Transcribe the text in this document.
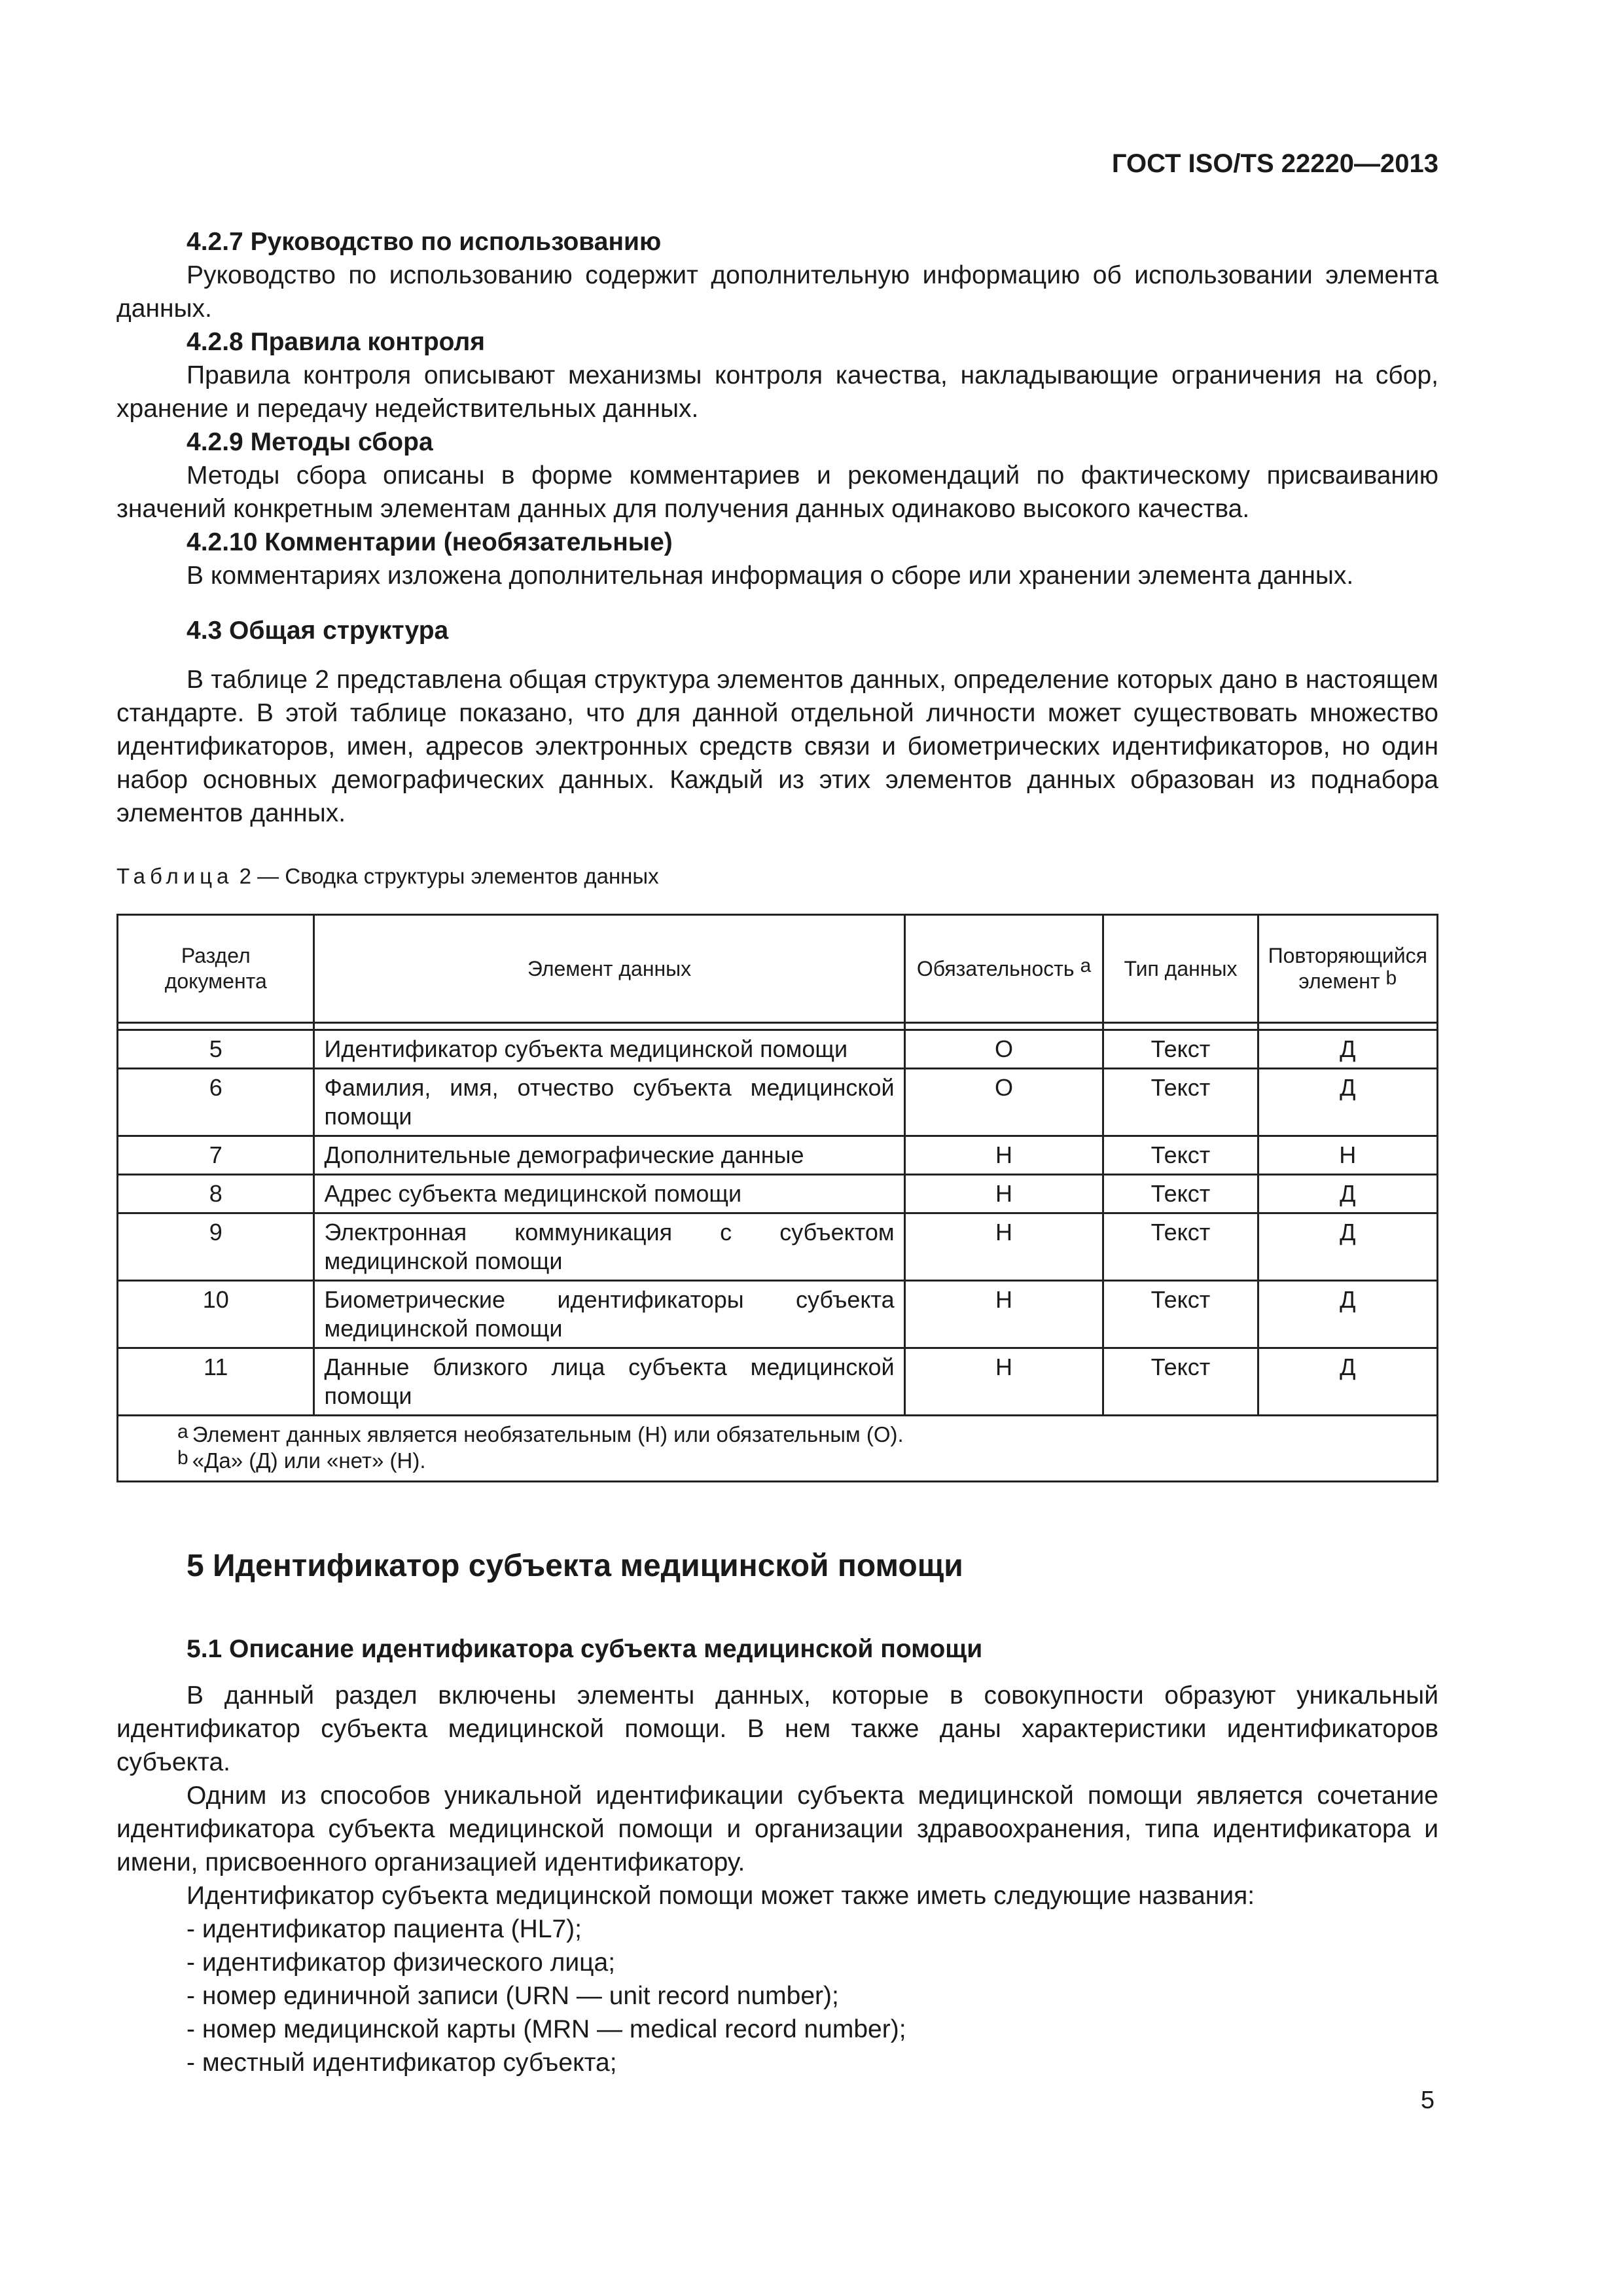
ГОСТ ISO/TS 22220—2013
4.2.7 Руководство по использованию

Руководство по использованию содержит дополнительную информацию об использовании элемента данных.

4.2.8 Правила контроля

Правила контроля описывают механизмы контроля качества, накладывающие ограничения на сбор, хранение и передачу недействительных данных.

4.2.9 Методы сбора

Методы сбора описаны в форме комментариев и рекомендаций по фактическому присваиванию значений конкретным элементам данных для получения данных одинаково высокого качества.

4.2.10 Комментарии (необязательные)

В комментариях изложена дополнительная информация о сборе или хранении элемента данных.

4.3 Общая структура

В таблице 2 представлена общая структура элементов данных, определение которых дано в настоящем стандарте. В этой таблице показано, что для данной отдельной личности может существовать множество идентификаторов, имен, адресов электронных средств связи и биометрических идентификаторов, но один набор основных демографических данных. Каждый из этих элементов данных образован из поднабора элементов данных.

Таблица 2 — Сводка структуры элементов данных
Раздел документа	Элемент данных	Обязательность $^a$	Тип данных	Повторяющийся элемент $^b$

5	Идентификатор субъекта медицинской помощи	О	Текст	Д
6	Фамилия, имя, отчество субъекта медицинской помощи	О	Текст	Д
7	Дополнительные демографические данные	Н	Текст	Н
8	Адрес субъекта медицинской помощи	Н	Текст	Д
9	Электронная коммуникация с субъектом медицинской помощи	Н	Текст	Д
10	Биометрические идентификаторы субъекта медицинской помощи	Н	Текст	Д
11	Данные близкого лица субъекта медицинской помощи	Н	Текст	Д

$^a$ Элемент данных является необязательным (Н) или обязательным (О).
$^b$ «Да» (Д) или «нет» (Н).				
5 Идентификатор субъекта медицинской помощи
5.1 Описание идентификатора субъекта медицинской помощи

В данный раздел включены элементы данных, которые в совокупности образуют уникальный идентификатор субъекта медицинской помощи. В нем также даны характеристики идентификаторов субъекта.

Одним из способов уникальной идентификации субъекта медицинской помощи является сочетание идентификатора субъекта медицинской помощи и организации здравоохранения, типа идентификатора и имени, присвоенного организацией идентификатору.

Идентификатор субъекта медицинской помощи может также иметь следующие названия:

- идентификатор пациента (HL7);

- идентификатор физического лица;

- номер единичной записи (URN — unit record number);

- номер медицинской карты (MRN — medical record number);

- местный идентификатор субъекта;

5
